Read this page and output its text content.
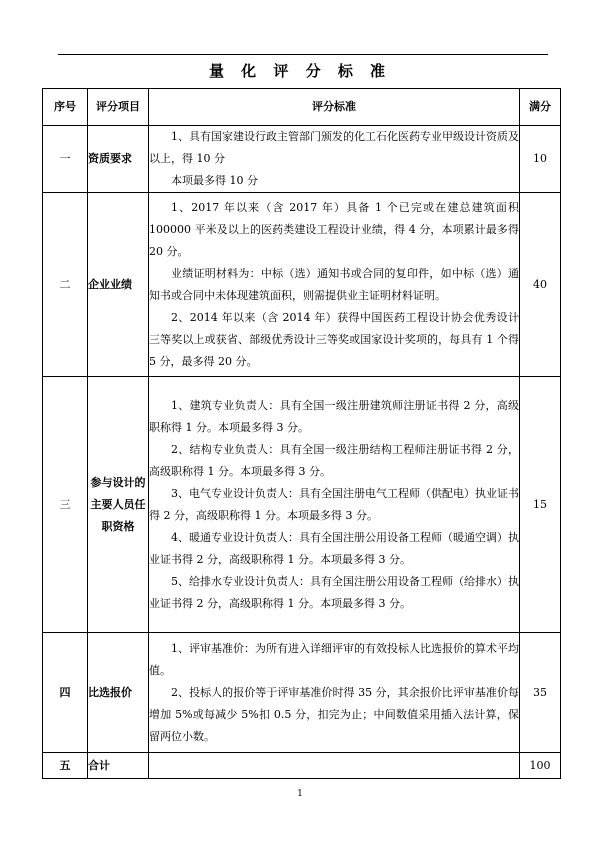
量 化 评 分 标 准
序号	评分项目	评分标准	满分
一	资质要求	1、具有国家建设行政主管部门颁发的化工石化医药专业甲级设计资质及以上，得 10 分

本项最多得 10 分	10
二	企业业绩	1、2017 年以来（含 2017 年）具备 1 个已完或在建总建筑面积 100000 平米及以上的医药类建设工程设计业绩，得 4 分，本项累计最多得 20 分。

业绩证明材料为：中标（选）通知书或合同的复印件，如中标（选）通知书或合同中未体现建筑面积，则需提供业主证明材料证明。

2、2014 年以来（含 2014 年）获得中国医药工程设计协会优秀设计三等奖以上或获省、部级优秀设计三等奖或国家设计奖项的，每具有 1 个得 5 分，最多得 20 分。	40
三	参与设计的主要人员任职资格	1、建筑专业负责人：具有全国一级注册建筑师注册证书得 2 分，高级职称得 1 分。本项最多得 3 分。

2、结构专业负责人：具有全国一级注册结构工程师注册证书得 2 分，高级职称得 1 分。本项最多得 3 分。

3、电气专业设计负责人：具有全国注册电气工程师（供配电）执业证书得 2 分，高级职称得 1 分。本项最多得 3 分。

4、暖通专业设计负责人：具有全国注册公用设备工程师（暖通空调）执业证书得 2 分，高级职称得 1 分。本项最多得 3 分。

5、给排水专业设计负责人：具有全国注册公用设备工程师（给排水）执业证书得 2 分，高级职称得 1 分。本项最多得 3 分。	15
四	比选报价	1、评审基准价：为所有进入详细评审的有效投标人比选报价的算术平均值。

2、投标人的报价等于评审基准价时得 35 分，其余报价比评审基准价每增加 5%或每减少 5%扣 0.5 分，扣完为止；中间数值采用插入法计算，保留两位小数。	35
五	合计		100
1
